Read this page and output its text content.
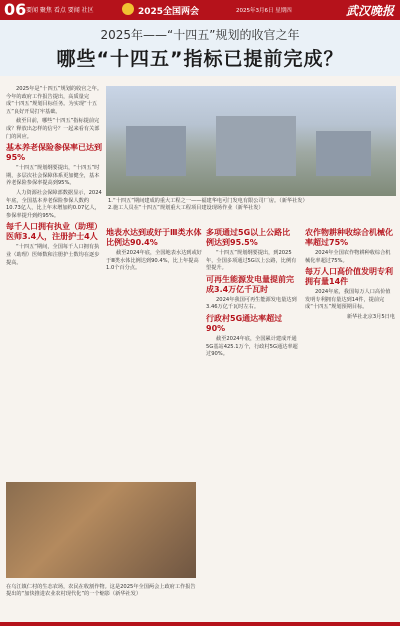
06 要闻 聚焦 看点 要闻 社区	2025全国两会	2025年3月6日 星期四	武汉晚报
2025年——“十四五”规划的收官之年
哪些“十四五”指标已提前完成？

2025年是“十四五”规划的收官之年。今年的政府工作报告提出，高质量完成“十四五”规划目标任务。为实现“十五五”良好开局打牢基础。

截至目前，哪些“十四五”指标提前完成？释放出怎样的信号？一起来看有关部门的回应。

基本养老保险参保率已达到95%

“十四五”规划纲要提出，“十四五”时期，多层次社会保障体系更加健全，基本养老保险参保率提高到95%。

人力资源社会保障部数据显示，2024年底，全国基本养老保险参保人数约10.73亿人，比上年末增加约0.07亿人，参保率提升到约95%。

每千人口拥有执业（助理）医师3.4人，注册护士4人

“十四五”期间，全国每千人口拥有执业（助理）医师数和注册护士数均在逐步提高。

1.“十四五”期间建成的重大工程之一——福建华电可门发电有限公司厂房。（新华社发）2.施工人员在“十四五”规划重大工程项目建设现场作业（新华社发）

地表水达到或好于Ⅲ类水体比例达90.4%

截至2024年底，全国地表水达到或好于Ⅲ类水体比例达到90.4%，比上年提高1.0个百分点。

多项通过5G以上公路比例达到95.5%

“十四五”规划纲要提出，到2025年，全国多项通过5G以上公路，比例有望提升。

可再生能源发电量提前完成3.4万亿千瓦时

2024年我国可再生能源发电量达到3.46万亿千瓦时左右。

行政村5G通达率超过90%

截至2024年底，全国累计建成开通5G基站425.1万个，行政村5G通达率超过90%。

农作物耕种收综合机械化率超过75%

2024年全国农作物耕种收综合机械化率超过75%。

每万人口高价值发明专利拥有量14件

2024年底，我国每万人口高价值发明专利拥有量达到14件，提前完成“十四五”规划预期目标。

新华社北京3月5日电

在乌江镇仁村的生态农场，农民在收割作物。这是2025年全国两会上政府工作报告提出的“加快推进农业农村现代化”的一个缩影（新华社发）
